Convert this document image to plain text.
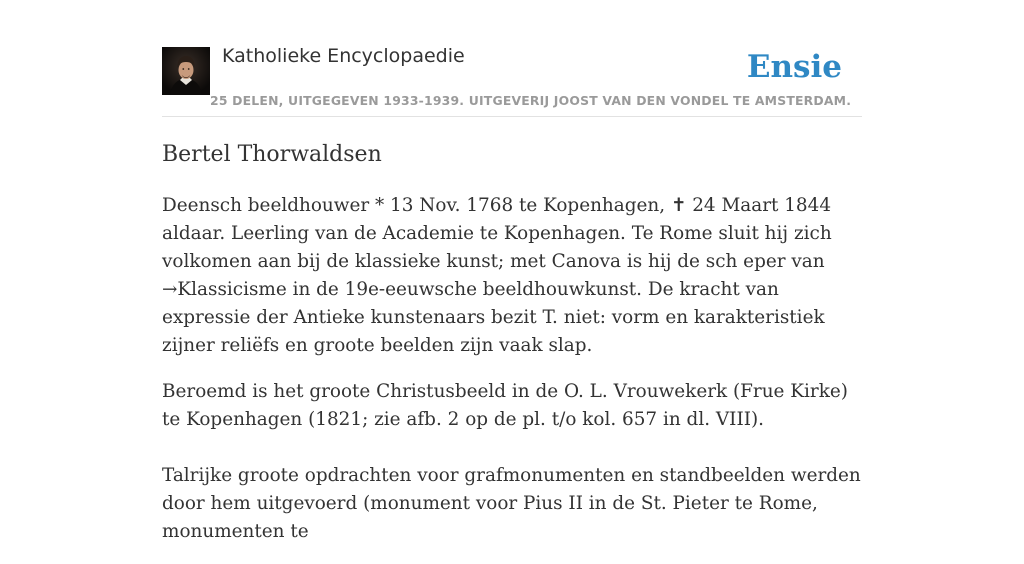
Katholieke Encyclopaedie
25 DELEN, UITGEGEVEN 1933-1939. UITGEVERIJ JOOST VAN DEN VONDEL TE AMSTERDAM.
Ensie
Bertel Thorwaldsen

Deensch beeldhouwer * 13 Nov. 1768 te Kopenhagen, ✝ 24 Maart 1844 aldaar. Leerling van de Academie te Kopenhagen. Te Rome sluit hij zich volkomen aan bij de klassieke kunst; met Canova is hij de sch eper van →Klassicisme in de 19e-eeuwsche beeldhouwkunst. De kracht van expressie der Antieke kunstenaars bezit T. niet: vorm en karakteristiek zijner reliëfs en groote beelden zijn vaak slap.

Beroemd is het groote Christusbeeld in de O. L. Vrouwekerk (Frue Kirke) te Kopenhagen (1821; zie afb. 2 op de pl. t/o kol. 657 in dl. VIII).

Talrijke groote opdrachten voor grafmonumenten en standbeelden werden door hem uitgevoerd (monument voor Pius II in de St. Pieter te Rome, monumenten te
